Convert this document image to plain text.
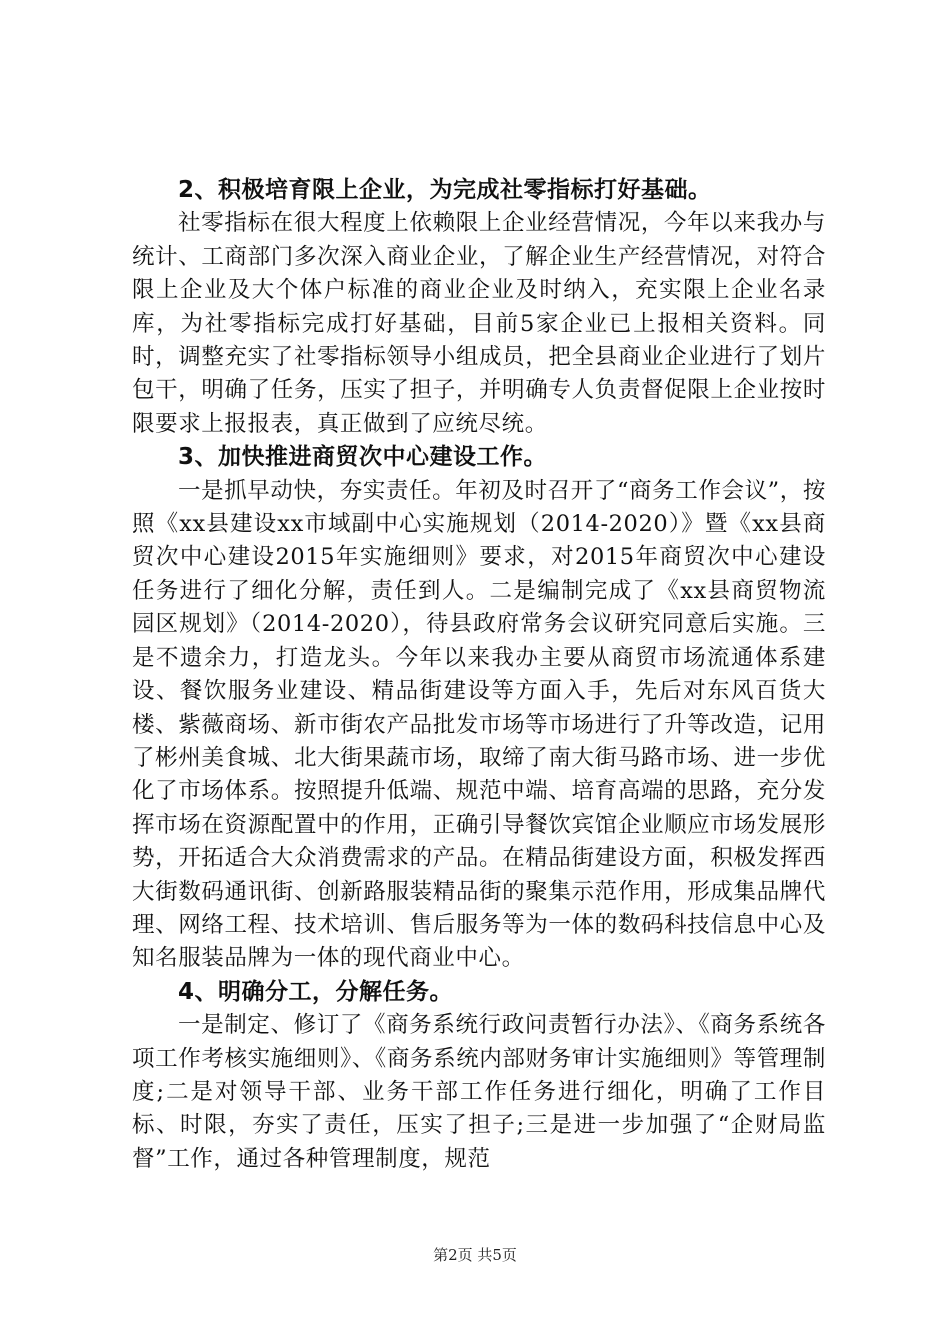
2、积极培育限上企业，为完成社零指标打好基础。

社零指标在很大程度上依赖限上企业经营情况，今年以来我办与统计、工商部门多次深入商业企业，了解企业生产经营情况，对符合限上企业及大个体户标准的商业企业及时纳入，充实限上企业名录库，为社零指标完成打好基础，目前5家企业已上报相关资料。同时，调整充实了社零指标领导小组成员，把全县商业企业进行了划片包干，明确了任务，压实了担子，并明确专人负责督促限上企业按时限要求上报报表，真正做到了应统尽统。

3、加快推进商贸次中心建设工作。

一是抓早动快，夯实责任。年初及时召开了“商务工作会议”，按照《xx县建设xx市域副中心实施规划（2014-2020）》暨《xx县商贸次中心建设2015年实施细则》要求，对2015年商贸次中心建设任务进行了细化分解，责任到人。二是编制完成了《xx县商贸物流园区规划》（2014-2020），待县政府常务会议研究同意后实施。三是不遗余力，打造龙头。今年以来我办主要从商贸市场流通体系建设、餐饮服务业建设、精品街建设等方面入手，先后对东风百货大楼、紫薇商场、新市街农产品批发市场等市场进行了升等改造，记用了彬州美食城、北大街果蔬市场，取缔了南大街马路市场、进一步优化了市场体系。按照提升低端、规范中端、培育高端的思路，充分发挥市场在资源配置中的作用，正确引导餐饮宾馆企业顺应市场发展形势，开拓适合大众消费需求的产品。在精品街建设方面，积极发挥西大街数码通讯街、创新路服装精品街的聚集示范作用，形成集品牌代理、网络工程、技术培训、售后服务等为一体的数码科技信息中心及知名服装品牌为一体的现代商业中心。

4、明确分工，分解任务。

一是制定、修订了《商务系统行政问责暂行办法》、《商务系统各项工作考核实施细则》、《商务系统内部财务审计实施细则》等管理制度;二是对领导干部、业务干部工作任务进行细化，明确了工作目标、时限，夯实了责任，压实了担子;三是进一步加强了“企财局监督”工作，通过各种管理制度，规范

第2页 共5页
